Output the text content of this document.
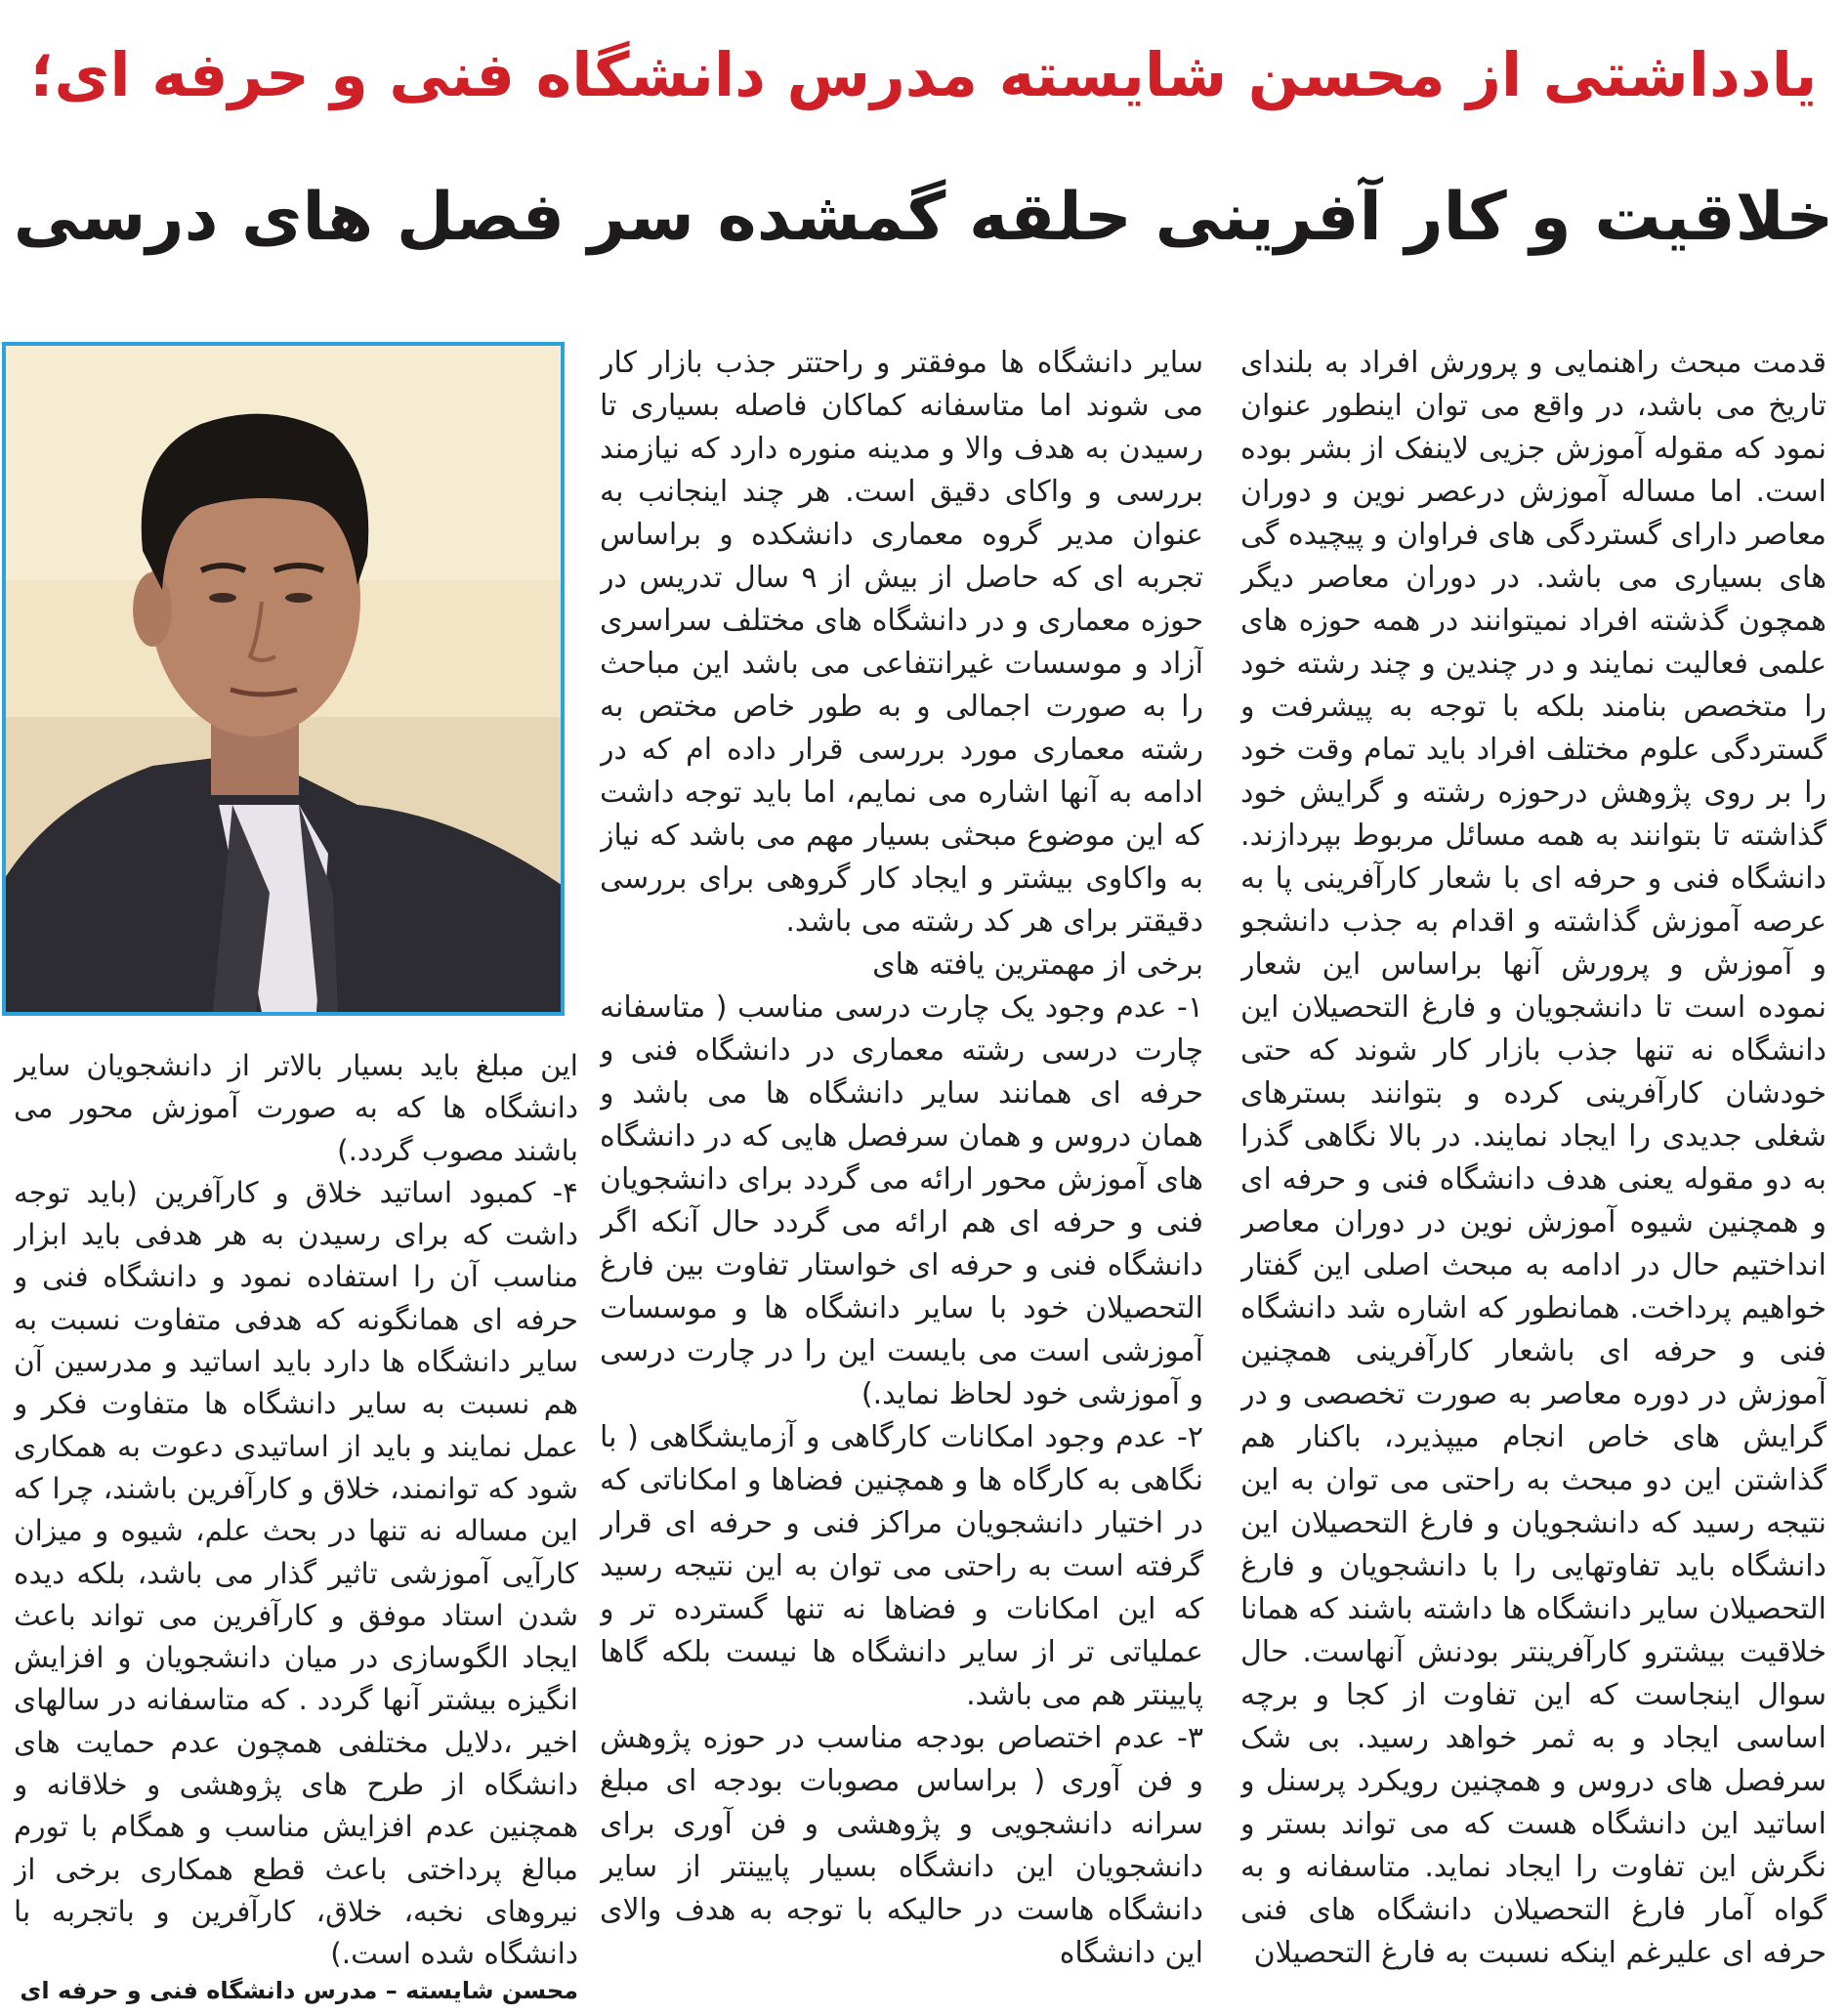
یادداشتی از محسن شایسته مدرس دانشگاه فنی و حرفه ای؛
خلاقیت و کار آفرینی حلقه گمشده سر فصل های درسی

قدمت مبحث راهنمایی و پرورش افراد به بلندای تاریخ می باشد، در واقع می توان اینطور عنوان نمود که مقوله آموزش جزیی لاینفک از بشر بوده است. اما مساله آموزش درعصر نوین و دوران معاصر دارای گستردگی های فراوان و پیچیده گی های بسیاری می باشد. در دوران معاصر دیگر همچون گذشته افراد نمیتوانند در همه حوزه های علمی فعالیت نمایند و در چندین و چند رشته خود را متخصص بنامند بلکه با توجه به پیشرفت و گستردگی علوم مختلف افراد باید تمام وقت خود را بر روی پژوهش درحوزه رشته و گرایش خود گذاشته تا بتوانند به همه مسائل مربوط بپردازند. دانشگاه فنی و حرفه ای با شعار کارآفرینی پا به عرصه آموزش گذاشته و اقدام به جذب دانشجو و آموزش و پرورش آنها براساس این شعار نموده است تا دانشجویان و فارغ التحصیلان این دانشگاه نه تنها جذب بازار کار شوند که حتی خودشان کارآفرینی کرده و بتوانند بسترهای شغلی جدیدی را ایجاد نمایند. در بالا نگاهی گذرا به دو مقوله یعنی هدف دانشگاه فنی و حرفه ای و همچنین شیوه آموزش نوین در دوران معاصر انداختیم حال در ادامه به مبحث اصلی این گفتار خواهیم پرداخت. همانطور که اشاره شد دانشگاه فنی و حرفه ای باشعار کارآفرینی همچنین آموزش در دوره معاصر به صورت تخصصی و در گرایش های خاص انجام میپذیرد، باکنار هم گذاشتن این دو مبحث به راحتی می توان به این نتیجه رسید که دانشجویان و فارغ التحصیلان این دانشگاه باید تفاوتهایی را با دانشجویان و فارغ التحصیلان سایر دانشگاه ها داشته باشند که همانا خلاقیت بیشترو کارآفرینتر بودنش آنهاست. حال سوال اینجاست که این تفاوت از کجا و برچه اساسی ایجاد و به ثمر خواهد رسید. بی شک سرفصل های دروس و همچنین رویکرد پرسنل و اساتید این دانشگاه هست که می تواند بستر و نگرش این تفاوت را ایجاد نماید. متاسفانه و به گواه آمار فارغ التحصیلان دانشگاه های فنی حرفه ای علیرغم اینکه نسبت به فارغ التحصیلان

سایر دانشگاه ها موفقتر و راحتتر جذب بازار کار می شوند اما متاسفانه کماکان فاصله بسیاری تا رسیدن به هدف والا و مدینه منوره دارد که نیازمند بررسی و واکای دقیق است. هر چند اینجانب به عنوان مدیر گروه معماری دانشکده و براساس تجربه ای که حاصل از بیش از ۹ سال تدریس در حوزه معماری و در دانشگاه های مختلف سراسری آزاد و موسسات غیرانتفاعی می باشد این مباحث را به صورت اجمالی و به طور خاص مختص به رشته معماری مورد بررسی قرار داده ام که در ادامه به آنها اشاره می نمایم، اما باید توجه داشت که این موضوع مبحثی بسیار مهم می باشد که نیاز به واکاوی بیشتر و ایجاد کار گروهی برای بررسی دقیقتر برای هر کد رشته می باشد.

برخی از مهمترین یافته های

۱- عدم وجود یک چارت درسی مناسب ( متاسفانه چارت درسی رشته معماری در دانشگاه فنی و حرفه ای همانند سایر دانشگاه ها می باشد و همان دروس و همان سرفصل هایی که در دانشگاه های آموزش محور ارائه می گردد برای دانشجویان فنی و حرفه ای هم ارائه می گردد حال آنکه اگر دانشگاه فنی و حرفه ای خواستار تفاوت بین فارغ التحصیلان خود با سایر دانشگاه ها و موسسات آموزشی است می بایست این را در چارت درسی و آموزشی خود لحاظ نماید.)

۲- عدم وجود امکانات کارگاهی و آزمایشگاهی ( با نگاهی به کارگاه ها و همچنین فضاها و امکاناتی که در اختیار دانشجویان مراکز فنی و حرفه ای قرار گرفته است به راحتی می توان به این نتیجه رسید که این امکانات و فضاها نه تنها گسترده تر و عملیاتی تر از سایر دانشگاه ها نیست بلکه گاها پایینتر هم می باشد.

۳- عدم اختصاص بودجه مناسب در حوزه پژوهش و فن آوری ( براساس مصوبات بودجه ای مبلغ سرانه دانشجویی و پژوهشی و فن آوری برای دانشجویان این دانشگاه بسیار پایینتر از سایر دانشگاه هاست در حالیکه با توجه به هدف والای این دانشگاه

این مبلغ باید بسیار بالاتر از دانشجویان سایر دانشگاه ها که به صورت آموزش محور می باشند مصوب گردد.)

۴- کمبود اساتید خلاق و کارآفرین (باید توجه داشت که برای رسیدن به هر هدفی باید ابزار مناسب آن را استفاده نمود و دانشگاه فنی و حرفه ای همانگونه که هدفی متفاوت نسبت به سایر دانشگاه ها دارد باید اساتید و مدرسین آن هم نسبت به سایر دانشگاه ها متفاوت فکر و عمل نمایند و باید از اساتیدی دعوت به همکاری شود که توانمند، خلاق و کارآفرین باشند، چرا که این مساله نه تنها در بحث علم، شیوه و میزان کارآیی آموزشی تاثیر گذار می باشد، بلکه دیده شدن استاد موفق و کارآفرین می تواند باعث ایجاد الگوسازی در میان دانشجویان و افزایش انگیزه بیشتر آنها گردد . که متاسفانه در سالهای اخیر ،دلایل مختلفی همچون عدم حمایت های دانشگاه از طرح های پژوهشی و خلاقانه و همچنین عدم افزایش مناسب و همگام با تورم مبالغ پرداختی باعث قطع همکاری برخی از نیروهای نخبه، خلاق، کارآفرین و باتجربه با دانشگاه شده است.)

محسن شایسته – مدرس دانشگاه فنی و حرفه ای
